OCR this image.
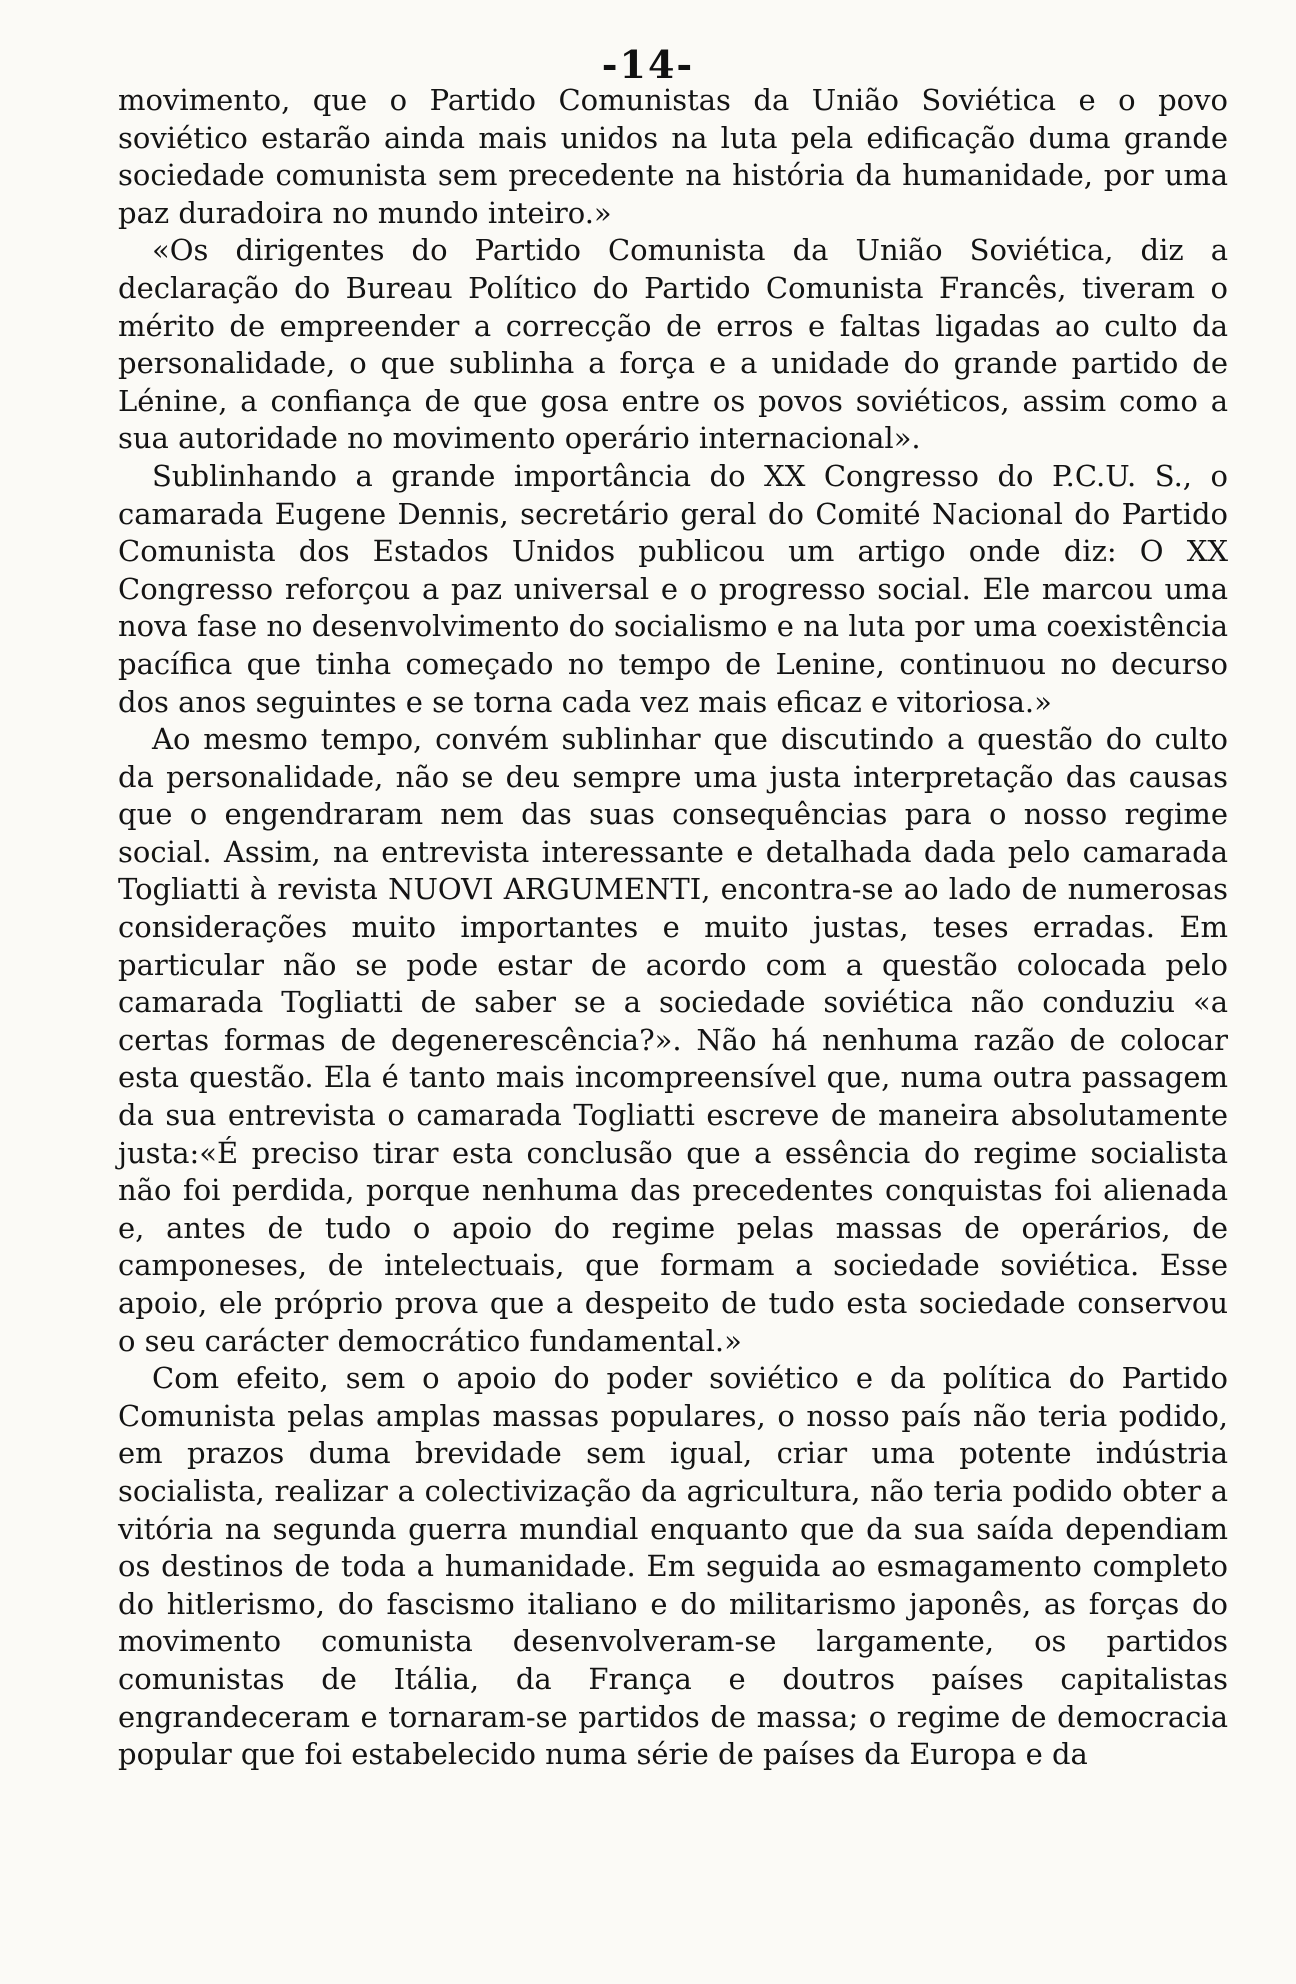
-14-

movimento, que o Partido Comunistas da União Soviética e o povo soviético estarão ainda mais unidos na luta pela edificação duma grande sociedade comunista sem precedente na história da humanidade, por uma paz duradoira no mundo inteiro.»

«Os dirigentes do Partido Comunista da União Soviética, diz a declaração do Bureau Político do Partido Comunista Francês, tiveram o mérito de empreender a correcção de erros e faltas ligadas ao culto da personalidade, o que sublinha a força e a unidade do grande partido de Lénine, a confiança de que gosa entre os povos soviéticos, assim como a sua autoridade no movimento operário internacional».

Sublinhando a grande importância do XX Congresso do P.C.U. S., o camarada Eugene Dennis, secretário geral do Comité Nacional do Partido Comunista dos Estados Unidos publicou um artigo onde diz: O XX Congresso reforçou a paz universal e o progresso social. Ele marcou uma nova fase no desenvolvimento do socialismo e na luta por uma coexistência pacífica que tinha começado no tempo de Lenine, continuou no decurso dos anos seguintes e se torna cada vez mais eficaz e vitoriosa.»

Ao mesmo tempo, convém sublinhar que discutindo a questão do culto da personalidade, não se deu sempre uma justa interpretação das causas que o engendraram nem das suas consequências para o nosso regime social. Assim, na entrevista interessante e detalhada dada pelo camarada Togliatti à revista NUOVI ARGUMENTI, encontra-se ao lado de numerosas considerações muito importantes e muito justas, teses erradas. Em particular não se pode estar de acordo com a questão colocada pelo camarada Togliatti de saber se a sociedade soviética não conduziu «a certas formas de degenerescência?». Não há nenhuma razão de colocar esta questão. Ela é tanto mais incompreensível que, numa outra passagem da sua entrevista o camarada Togliatti escreve de maneira absolutamente justa:«É preciso tirar esta conclusão que a essência do regime socialista não foi perdida, porque nenhuma das precedentes conquistas foi alienada e, antes de tudo o apoio do regime pelas massas de operários, de camponeses, de intelectuais, que formam a sociedade soviética. Esse apoio, ele próprio prova que a despeito de tudo esta sociedade conservou o seu carácter democrático fundamental.»

Com efeito, sem o apoio do poder soviético e da política do Partido Comunista pelas amplas massas populares, o nosso país não teria podido, em prazos duma brevidade sem igual, criar uma potente indústria socialista, realizar a colectivização da agricultura, não teria podido obter a vitória na segunda guerra mundial enquanto que da sua saída dependiam os destinos de toda a humanidade. Em seguida ao esmagamento completo do hitlerismo, do fascismo italiano e do militarismo japonês, as forças do movimento comunista desenvolveram-se largamente, os partidos comunistas de Itália, da França e doutros países capitalistas engrandeceram e tornaram-se partidos de massa; o regime de democracia popular que foi estabelecido numa série de países da Europa e da
